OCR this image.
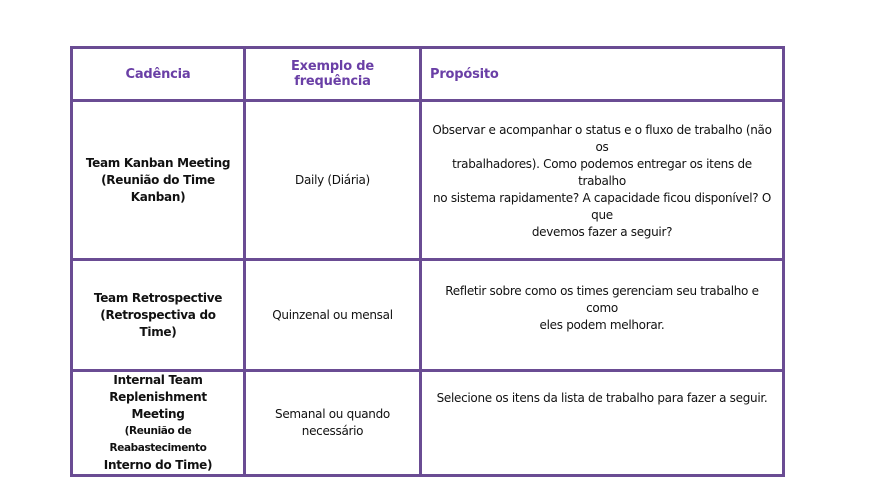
Cadência	Exemplo de frequência	Propósito

Team Kanban Meeting
(Reunião do Time Kanban)	Daily (Diária)	Observar e acompanhar o status e o fluxo de trabalho (não os
trabalhadores). Como podemos entregar os itens de trabalho
no sistema rapidamente? A capacidade ficou disponível? O que
devemos fazer a seguir?

Team Retrospective
(Retrospectiva do
Time)	Quinzenal ou mensal	Refletir sobre como os times gerenciam seu trabalho e como
eles podem melhorar.

Internal Team
Replenishment Meeting
(Reunião de Reabastecimento
Interno do Time)	Semanal ou quando
necessário	Selecione os itens da lista de trabalho para fazer a seguir.
